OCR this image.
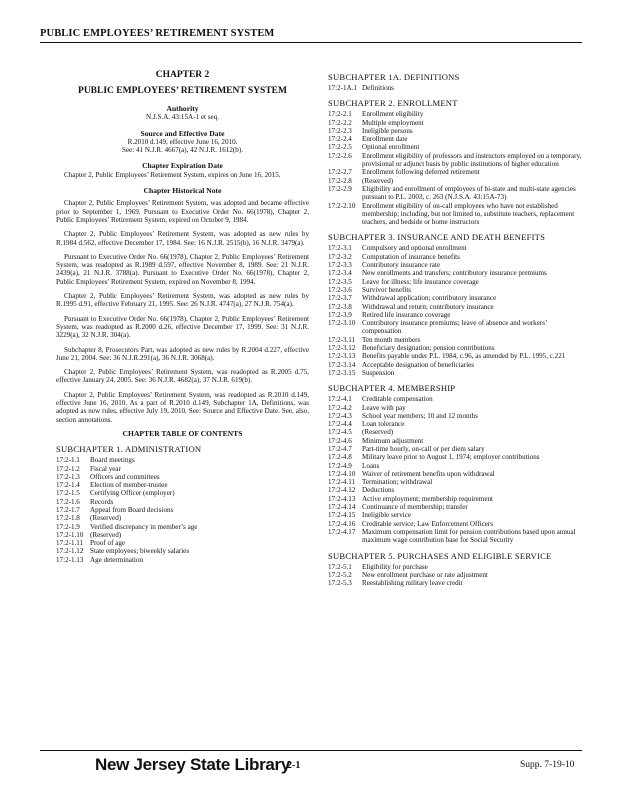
PUBLIC EMPLOYEES’ RETIREMENT SYSTEM
CHAPTER 2
PUBLIC EMPLOYEES’ RETIREMENT SYSTEM
Authority
N.J.S.A. 43:15A-1 et seq.
Source and Effective Date
R.2010 d.149, effective June 16, 2010.
See: 41 N.J.R. 4667(a), 42 N.J.R. 1612(b).
Chapter Expiration Date

Chapter 2, Public Employees’ Retirement System, expires on June 16, 2015.

Chapter Historical Note

Chapter 2, Public Employees’ Retirement System, was adopted and became effective prior to September 1, 1969. Pursuant to Executive Order No. 66(1978), Chapter 2, Public Employees’ Retirement System, expired on October 9, 1984.

Chapter 2, Public Employees’ Retirement System, was adopted as new rules by R.1984 d.562, effective December 17, 1984. See: 16 N.J.R. 2515(b), 16 N.J.R. 3479(a).

Pursuant to Executive Order No. 66(1978), Chapter 2, Public Employees’ Retirement System, was readopted as R.1989 d.597, effective November 8, 1989. See: 21 N.J.R. 2439(a), 21 N.J.R. 3788(a). Pursuant to Executive Order No. 66(1978), Chapter 2, Public Employees’ Retirement System, expired on November 8, 1994.

Chapter 2, Public Employees’ Retirement System, was adopted as new rules by R.1995 d.91, effective February 21, 1995. See: 26 N.J.R. 4747(a), 27 N.J.R. 754(a).

Pursuant to Executive Order No. 66(1978), Chapter 2, Public Employees’ Retirement System, was readopted as R.2000 d.26, effective December 17, 1999. See: 31 N.J.R. 3229(a), 32 N.J.R. 304(a).

Subchapter 8, Prosecutors Part, was adopted as new rules by R.2004 d.227, effective June 21, 2004. See: 36 N.J.R.291(a), 36 N.J.R. 3068(a).

Chapter 2, Public Employees’ Retirement System, was readopted as R.2005 d.75, effective January 24, 2005. See: 36 N.J.R. 4682(a), 37 N.J.R. 619(b).

Chapter 2, Public Employees’ Retirement System, was readopted as R.2010 d.149, effective June 16, 2010. As a part of R.2010 d.149, Subchapter 1A, Definitions, was adopted as new rules, effective July 19, 2010. See: Source and Effective Date. See, also, section annotations.

CHAPTER TABLE OF CONTENTS
SUBCHAPTER 1. ADMINISTRATION
17:2-1.1	Board meetings
17:2-1.2	Fiscal year
17:2-1.3	Officers and committees
17:2-1.4	Election of member-trustee
17:2-1.5	Certifying Officer (employer)
17:2-1.6	Records
17:2-1.7	Appeal from Board decisions
17:2-1.8	(Reserved)
17:2-1.9	Verified discrepancy in member’s age
17:2-1.10 (Reserved)
17:2-1.11 Proof of age
17:2-1.12 State employees; biweekly salaries
17:2-1.13 Age determination
SUBCHAPTER 1A. DEFINITIONS
17:2-1A.1 Definitions
SUBCHAPTER 2. ENROLLMENT
17:2-2.1	Enrollment eligibility
17:2-2.2	Multiple employment
17:2-2.3	Ineligible persons
17:2-2.4	Enrollment date
17:2-2.5	Optional enrollment
17:2-2.6	Enrollment eligibility of professors and instructors employed on a temporary, provisional or adjunct basis by public institutions of higher education
17:2-2.7	Enrollment following deferred retirement
17:2-2.8	(Reserved)
17:2-2.9	Eligibility and enrollment of employees of bi-state and multi-state agencies pursuant to P.L. 2003, c. 263 (N.J.S.A. 43:15A-73)
17:2-2.10 Enrollment eligibility of on-call employees who have not established membership; including, but not limited to, substitute teachers, replacement teachers, and bedside or home instructors
SUBCHAPTER 3. INSURANCE AND DEATH BENEFITS
17:2-3.1	Compulsory and optional enrollment
17:2-3.2	Computation of insurance benefits
17:2-3.3	Contributory insurance rate
17:2-3.4	New enrollments and transfers; contributory insurance premiums
17:2-3.5	Leave for illness; life insurance coverage
17:2-3.6	Survivor benefits
17:2-3.7	Withdrawal application; contributory insurance
17:2-3.8	Withdrawal and return; contributory insurance
17:2-3.9	Retired life insurance coverage
17:2-3.10 Contributory insurance premiums; leave of absence and workers’ compensation
17:2-3.11 Ten month members
17:2-3.12 Beneficiary designation; pension contributions
17:2-3.13 Benefits payable under P.L. 1984, c.96, as amended by P.L. 1995, c.221
17:2-3.14 Acceptable designation of beneficiaries
17:2-3.15 Suspension
SUBCHAPTER 4. MEMBERSHIP
17:2-4.1	Creditable compensation
17:2-4.2	Leave with pay
17:2-4.3	School year members; 10 and 12 months
17:2-4.4	Loan tolerance
17:2-4.5	(Reserved)
17:2-4.6	Minimum adjustment
17:2-4.7	Part-time hourly, on-call or per diem salary
17:2-4.8	Military leave prior to August 1, 1974; employer contributions
17:2-4.9	Loans
17:2-4.10 Waiver of retirement benefits upon withdrawal
17:2-4.11 Termination; withdrawal
17:2-4.12 Deductions
17:2-4.13 Active employment; membership requirement
17:2-4.14 Continuance of membership; transfer
17:2-4.15 Ineligible service
17:2-4.16 Creditable service; Law Enforcement Officers
17:2-4.17 Maximum compensation limit for pension contributions based upon annual maximum wage contribution base for Social Security
SUBCHAPTER 5. PURCHASES AND ELIGIBLE SERVICE
17:2-5.1	Eligibility for purchase
17:2-5.2	New enrollment purchase or rate adjustment
17:2-5.3	Reestablishing military leave credit
New Jersey State Library
2-1	Supp. 7-19-10
